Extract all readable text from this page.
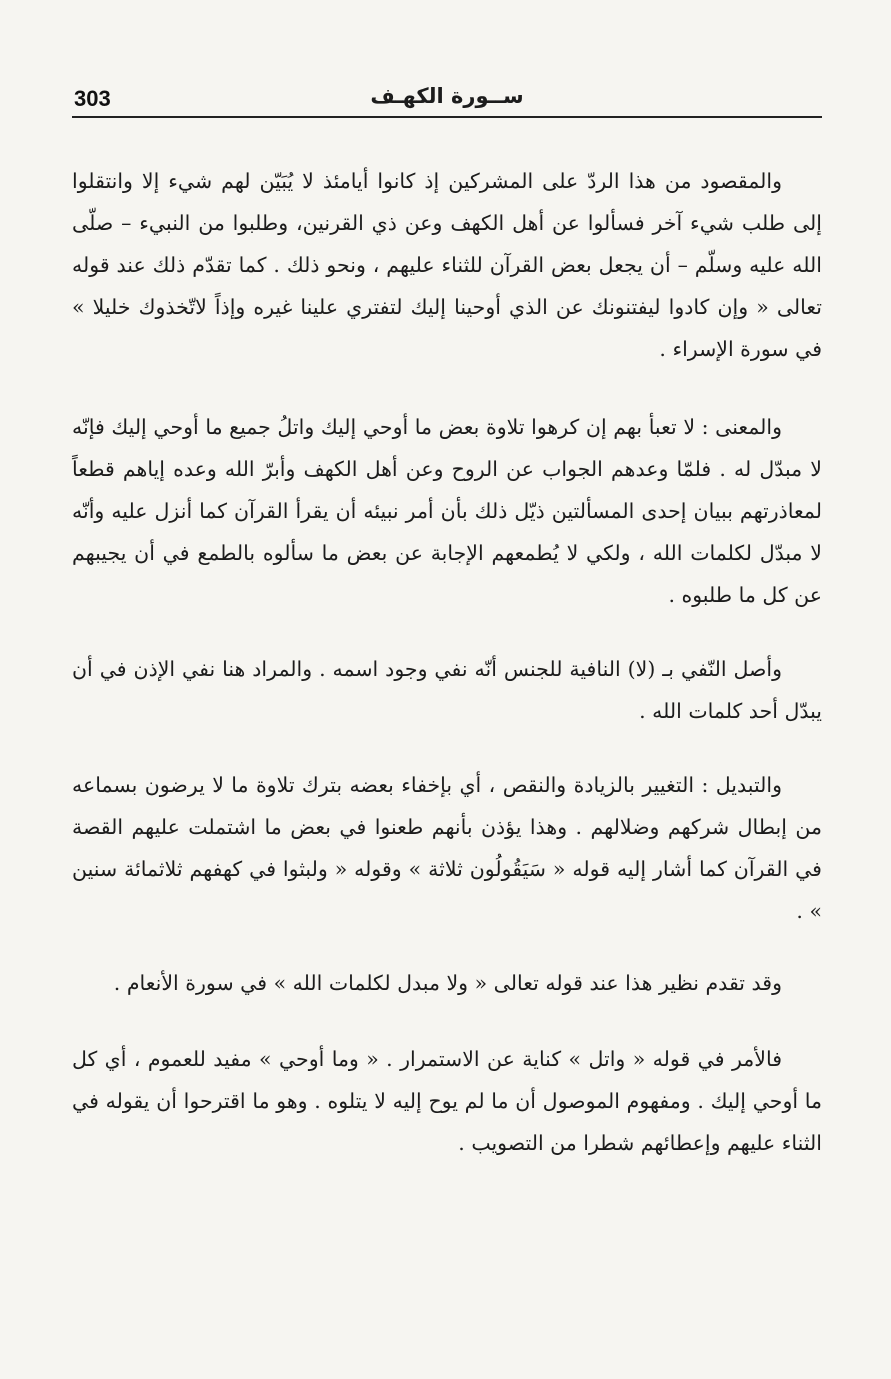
303	ســورة الكهـف

والمقصود من هذا الردّ على المشركين إذ كانوا أيامئذ لا يُبَيّن لهم شيء إلا وانتقلوا إلى طلب شيء آخر فسألوا عن أهل الكهف وعن ذي القرنين، وطلبوا من النبيء – صلّى الله عليه وسلّم – أن يجعل بعض القرآن للثناء عليهم ، ونحو ذلك . كما تقدّم ذلك عند قوله تعالى « وإن كادوا ليفتنونك عن الذي أوحينا إليك لتفتري علينا غيره وإذاً لاتّخذوك خليلا » في سورة الإسراء .

والمعنى : لا تعبأ بهم إن كرهوا تلاوة بعض ما أوحي إليك واتلُ جميع ما أوحي إليك فإنّه لا مبدّل له . فلمّا وعدهم الجواب عن الروح وعن أهل الكهف وأبرّ الله وعده إياهم قطعاً لمعاذرتهم ببيان إحدى المسألتين ذيّل ذلك بأن أمر نبيئه أن يقرأ القرآن كما أنزل عليه وأنّه لا مبدّل لكلمات الله ، ولكي لا يُطمعهم الإجابة عن بعض ما سألوه بالطمع في أن يجيبهم عن كل ما طلبوه .

وأصل النّفي بـ (لا) النافية للجنس أنّه نفي وجود اسمه . والمراد هنا نفي الإذن في أن يبدّل أحد كلمات الله .

والتبديل : التغيير بالزيادة والنقص ، أي بإخفاء بعضه بترك تلاوة ما لا يرضون بسماعه من إبطال شركهم وضلالهم . وهذا يؤذن بأنهم طعنوا في بعض ما اشتملت عليهم القصة في القرآن كما أشار إليه قوله « سَيَقُولُون ثلاثة » وقوله « ولبثوا في كهفهم ثلاثمائة سنين » .

وقد تقدم نظير هذا عند قوله تعالى « ولا مبدل لكلمات الله » في سورة الأنعام .

فالأمر في قوله « واتل » كناية عن الاستمرار . « وما أوحي » مفيد للعموم ، أي كل ما أوحي إليك . ومفهوم الموصول أن ما لم يوح إليه لا يتلوه . وهو ما اقترحوا أن يقوله في الثناء عليهم وإعطائهم شطرا من التصويب .
